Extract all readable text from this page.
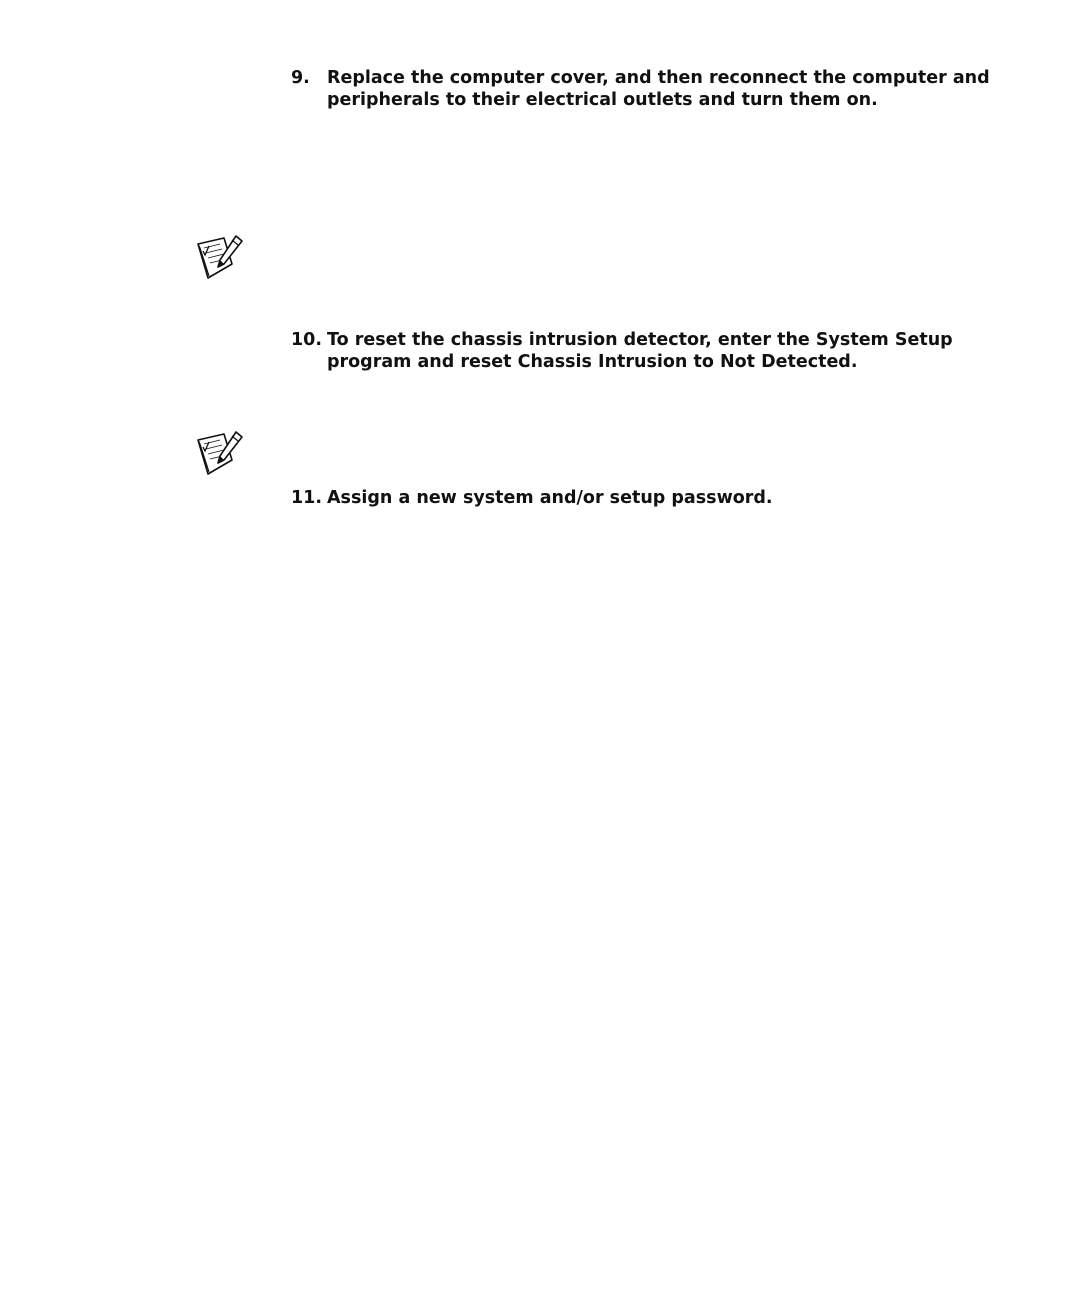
9. Replace the computer cover, and then reconnect the computer and peripherals to their electrical outlets and turn them on.
10. To reset the chassis intrusion detector, enter the System Setup program and reset Chassis Intrusion to Not Detected.
11. Assign a new system and/or setup password.
